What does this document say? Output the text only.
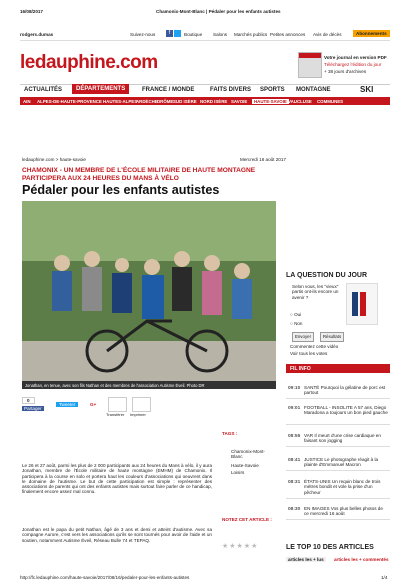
16/08/2017	Chamonix-Mont-Blanc | Pédaler pour les enfants autistes
rodgers.dumas	Suivez-nous	f	Boutique Salons Marchés publics Petites annonces Avis de décès	Abonnements
ledauphine.com	Votre journal en version PDF
Téléchargez l'édition du jour
+ 38 jours d'archives
ACTUALITÉS	DÉPARTEMENTS	FRANCE / MONDE	FAITS DIVERS SPORTS MONTAGNE	SKI
AIN ALPES-DE-HAUTE-PROVENCE HAUTES-ALPES
ARDÈCHE DRÔME SUD ISÈRE NORD ISÈRE SAVOIE	HAUTE-SAVOIE VAUCLUSE COMMUNES
ledauphine.com > haute-savoie	Mercredi 16 août 2017
CHAMONIX - UN MEMBRE DE L'ÉCOLE MILITAIRE DE HAUTE MONTAGNE PARTICIPERA AUX 24 HEURES DU MANS À VÉLO
Pédaler pour les enfants autistes
Jonathan, en tenue, avec son fils Nathan et des membres de l'association Autisme Éveil. Photo DR
0
Partager
Tweeter	G+
Transférer Imprimer
Le 26 et 27 août, parmi les plus de 2 000 participants aux 24 heures du Mans à vélo, il y aura Jonathan, membre de l'École militaire de haute montagne (EMHM) de Chamonix. Il participera à la course en solo et portera haut les couleurs d'associations qui oeuvrent dans le domaine de l'autisme. Le but de cette participation est simple : représenter des associations de parents qui ont des enfants autistes mais surtout faire parler de ce handicap, finalement encore assez mal connu.
Jonathan est le papa du petit Nathan, âgé de 3 ans et demi et atteint d'autisme. Avec sa compagne Aurore, c'est vers les associations qu'ils se sont tournés pour avoir de l'aide et un soutien, notamment Autisme Éveil, Réseau Bulle 74 et TEPAQ.
TAGS :
Chamonix-Mont-Blanc
Haute-Savoie
Loisirs
NOTEZ CET ARTICLE :
★★★★★
LA QUESTION DU JOUR
Selon vous, les "vieux" partis ont-ils encore un avenir ?
○ Oui
○ Non
Envoyer	Résultats
Commentez cette vidéo
Voir tous les votes
FIL INFO
09:10 SANTÉ Pourquoi la gélatine de porc est partout
09:01 FOOTBALL - INSOLITE A 57 ans, Diego Maradona a toujours un bon pied gauche
08:55 VAR Il meurt d'une crise cardiaque en faisant son jogging
08:41 JUSTICE Le photographe réagit à la plainte d'Emmanuel Macron
08:31 ÉTATS-UNIS Un requin blanc de trois mètres bondit et vole la prise d'un pêcheur
08:30 EN IMAGES Vos plus belles photos de ce mercredi 16 août
LE TOP 10 DES ARTICLES
articles les + lus	articles les + commentés
http://fc.ledauphine.com/haute-savoie/2017/08/16/pedaler-pour-les-enfants-autistes	1/4
